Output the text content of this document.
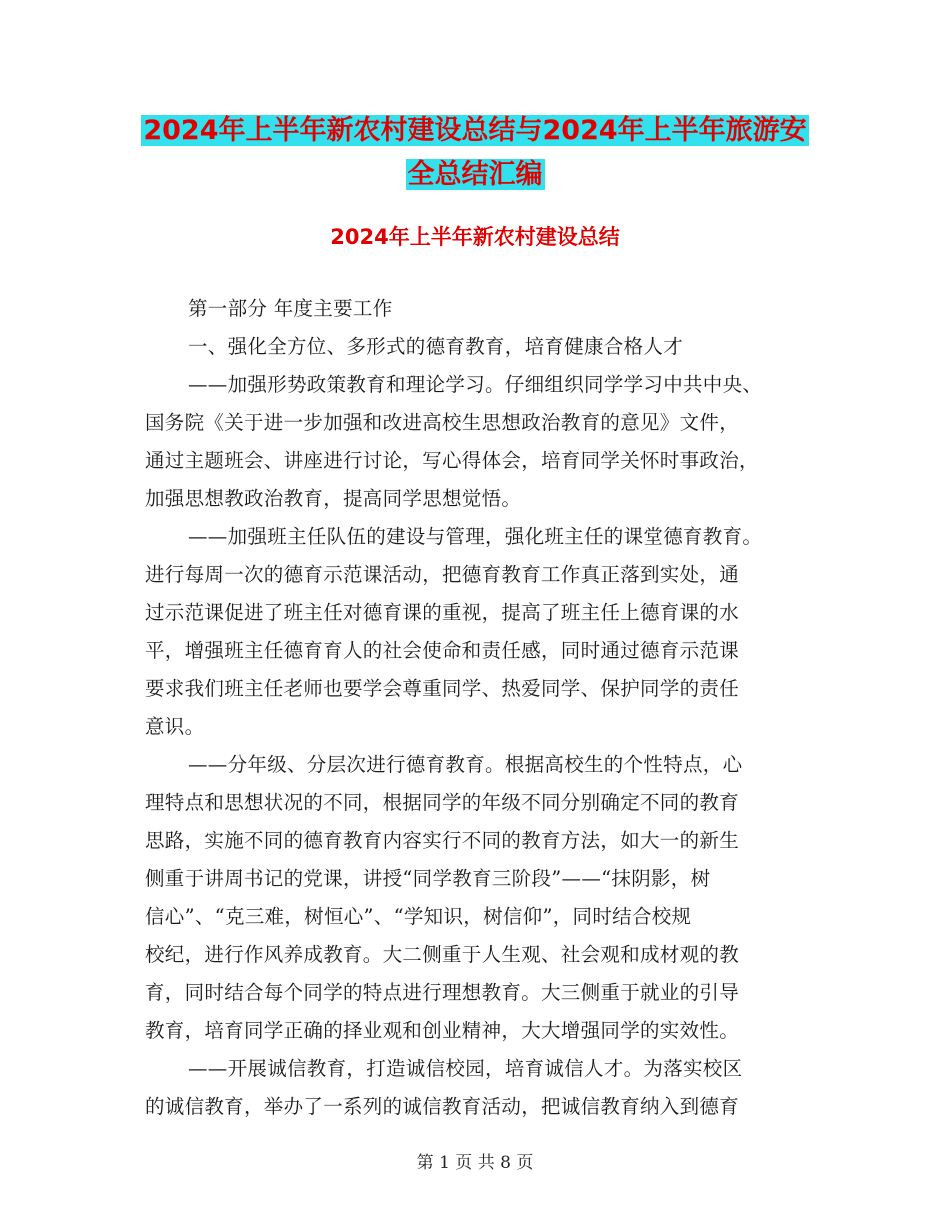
2024年上半年新农村建设总结与2024年上半年旅游安
全总结汇编
2024年上半年新农村建设总结
第一部分 年度主要工作
一、强化全方位、多形式的德育教育，培育健康合格人才
——加强形势政策教育和理论学习。仔细组织同学学习中共中央、
国务院《关于进一步加强和改进高校生思想政治教育的意见》文件，
通过主题班会、讲座进行讨论，写心得体会，培育同学关怀时事政治，
加强思想教政治教育，提高同学思想觉悟。
——加强班主任队伍的建设与管理，强化班主任的课堂德育教育。
进行每周一次的德育示范课活动，把德育教育工作真正落到实处，通
过示范课促进了班主任对德育课的重视，提高了班主任上德育课的水
平，增强班主任德育育人的社会使命和责任感，同时通过德育示范课
要求我们班主任老师也要学会尊重同学、热爱同学、保护同学的责任
意识。
——分年级、分层次进行德育教育。根据高校生的个性特点，心
理特点和思想状况的不同，根据同学的年级不同分别确定不同的教育
思路，实施不同的德育教育内容实行不同的教育方法，如大一的新生
侧重于讲周书记的党课，讲授“同学教育三阶段”——“抹阴影，树
信心”、“克三难，树恒心”、“学知识，树信仰”，同时结合校规
校纪，进行作风养成教育。大二侧重于人生观、社会观和成材观的教
育，同时结合每个同学的特点进行理想教育。大三侧重于就业的引导
教育，培育同学正确的择业观和创业精神，大大增强同学的实效性。
——开展诚信教育，打造诚信校园，培育诚信人才。为落实校区
的诚信教育，举办了一系列的诚信教育活动，把诚信教育纳入到德育
第 1 页 共 8 页
